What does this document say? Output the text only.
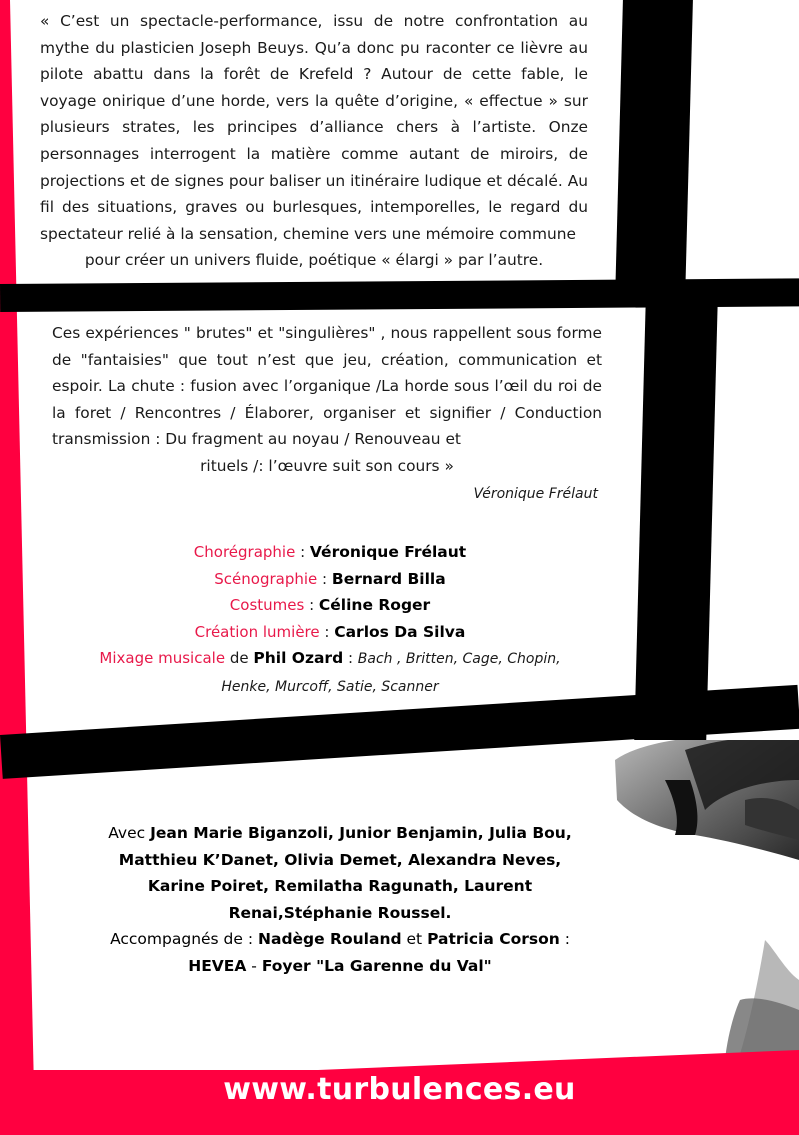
« C’est un spectacle-performance, issu de notre confrontation au mythe du plasticien Joseph Beuys. Qu’a donc pu raconter ce lièvre au pilote abattu dans la forêt de Krefeld ? Autour de cette fable, le voyage onirique d’une horde, vers la quête d’origine, « effectue » sur plusieurs strates, les principes d’alliance chers à l’artiste. Onze personnages interrogent la matière comme autant de miroirs, de projections et de signes pour baliser un itinéraire ludique et décalé. Au fil des situations, graves ou burlesques, intemporelles, le regard du spectateur relié à la sensation, chemine vers une mémoire commune
pour créer un univers fluide, poétique « élargi » par l’autre.
Ces expériences " brutes" et "singulières" , nous rappellent sous forme de "fantaisies" que tout n’est que jeu, création, communication et espoir. La chute : fusion avec l’organique /La horde sous l’œil du roi de la foret / Rencontres / Élaborer, organiser et signifier / Conduction transmission : Du fragment au noyau / Renouveau et
rituels /: l’œuvre suit son cours »
Véronique Frélaut
Chorégraphie : Véronique Frélaut
Scénographie : Bernard Billa
Costumes : Céline Roger
Création lumière : Carlos Da Silva
Mixage musicale de Phil Ozard : Bach , Britten, Cage, Chopin,
Henke, Murcoff, Satie, Scanner
Avec Jean Marie Biganzoli, Junior Benjamin, Julia Bou,
Matthieu K’Danet, Olivia Demet, Alexandra Neves,
Karine Poiret, Remilatha Ragunath, Laurent
Renai,Stéphanie Roussel.
Accompagnés de : Nadège Rouland et Patricia Corson :
HEVEA - Foyer "La Garenne du Val"
www.turbulences.eu
